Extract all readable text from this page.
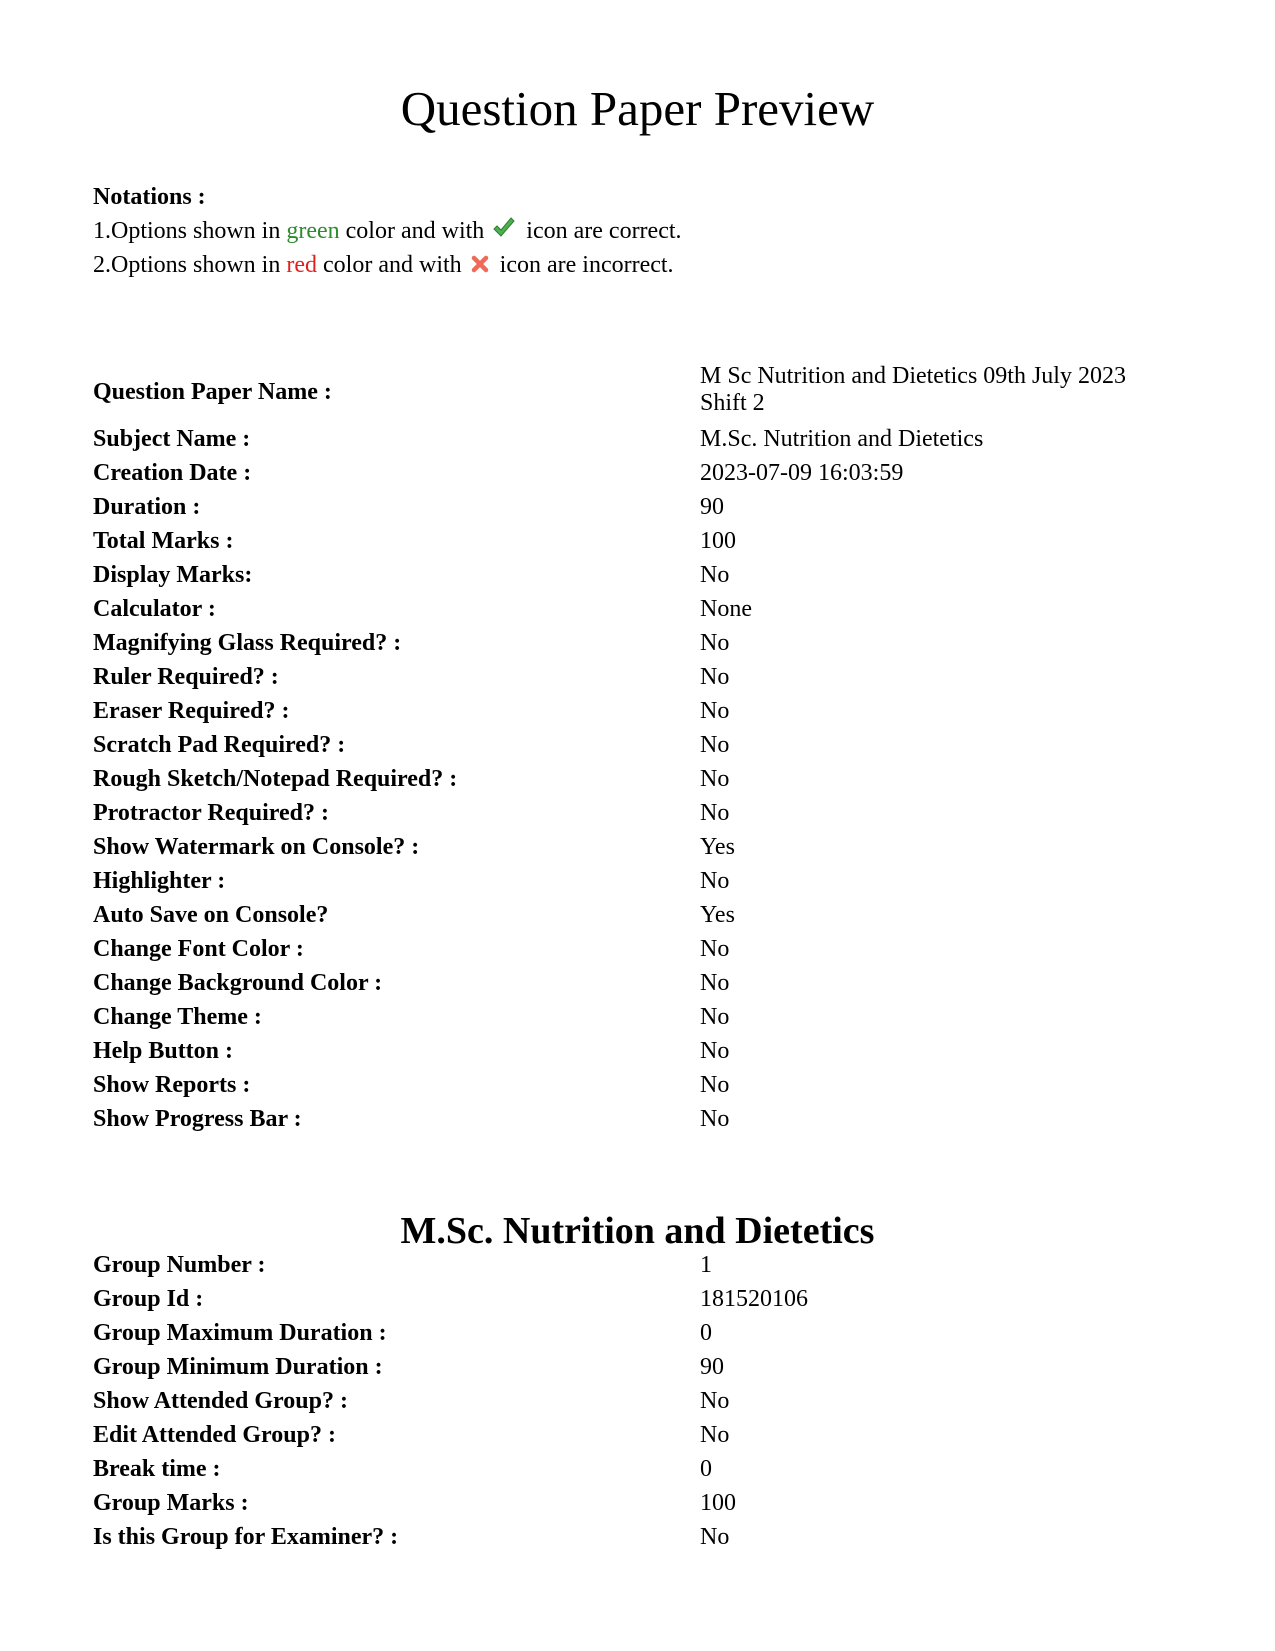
Question Paper Preview
Notations :
1.Options shown in green color and with  icon are correct.
2.Options shown in red color and with  icon are incorrect.
Question Paper Name :
M Sc Nutrition and Dietetics 09th July 2023 Shift 2
Subject Name :	M.Sc. Nutrition and Dietetics
Creation Date :	2023-07-09 16:03:59
Duration :	90
Total Marks :	100
Display Marks:	No
Calculator :	None
Magnifying Glass Required? :	No
Ruler Required? :	No
Eraser Required? :	No
Scratch Pad Required? :	No
Rough Sketch/Notepad Required? :	No
Protractor Required? :	No
Show Watermark on Console? :	Yes
Highlighter :	No
Auto Save on Console?	Yes
Change Font Color :	No
Change Background Color :	No
Change Theme :	No
Help Button :	No
Show Reports :	No
Show Progress Bar :	No
M.Sc. Nutrition and Dietetics
Group Number :	1
Group Id :	181520106
Group Maximum Duration :	0
Group Minimum Duration :	90
Show Attended Group? :	No
Edit Attended Group? :	No
Break time :	0
Group Marks :	100
Is this Group for Examiner? :	No
